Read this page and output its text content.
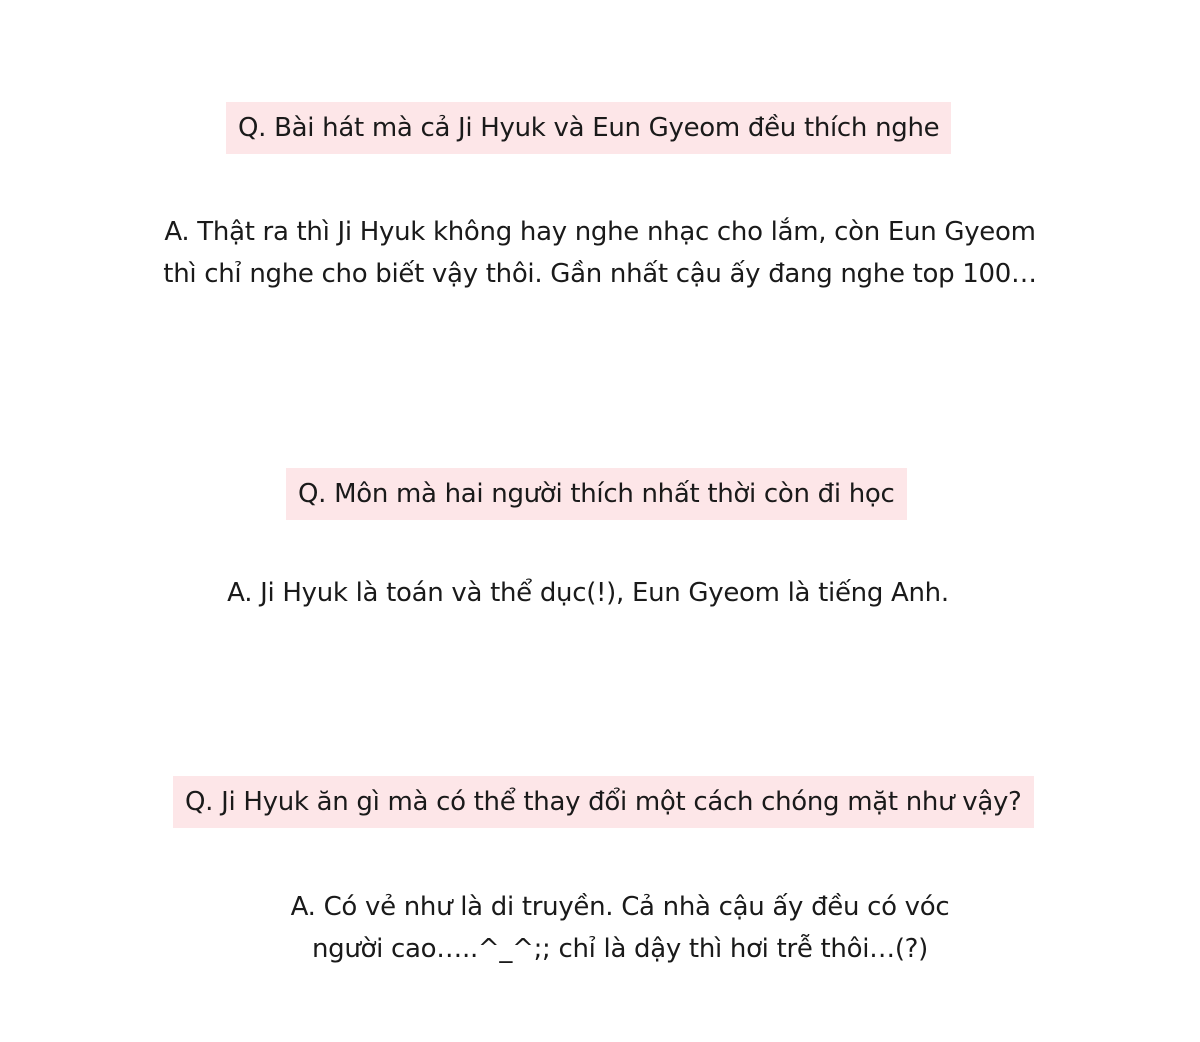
Q. Bài hát mà cả Ji Hyuk và Eun Gyeom đều thích nghe
A. Thật ra thì Ji Hyuk không hay nghe nhạc cho lắm, còn Eun Gyeom
thì chỉ nghe cho biết vậy thôi. Gần nhất cậu ấy đang nghe top 100…
Q. Môn mà hai người thích nhất thời còn đi học
A. Ji Hyuk là toán và thể dục(!), Eun Gyeom là tiếng Anh.
Q. Ji Hyuk ăn gì mà có thể thay đổi một cách chóng mặt như vậy?
A. Có vẻ như là di truyền. Cả nhà cậu ấy đều có vóc
người cao…..^_^;; chỉ là dậy thì hơi trễ thôi…(?)
